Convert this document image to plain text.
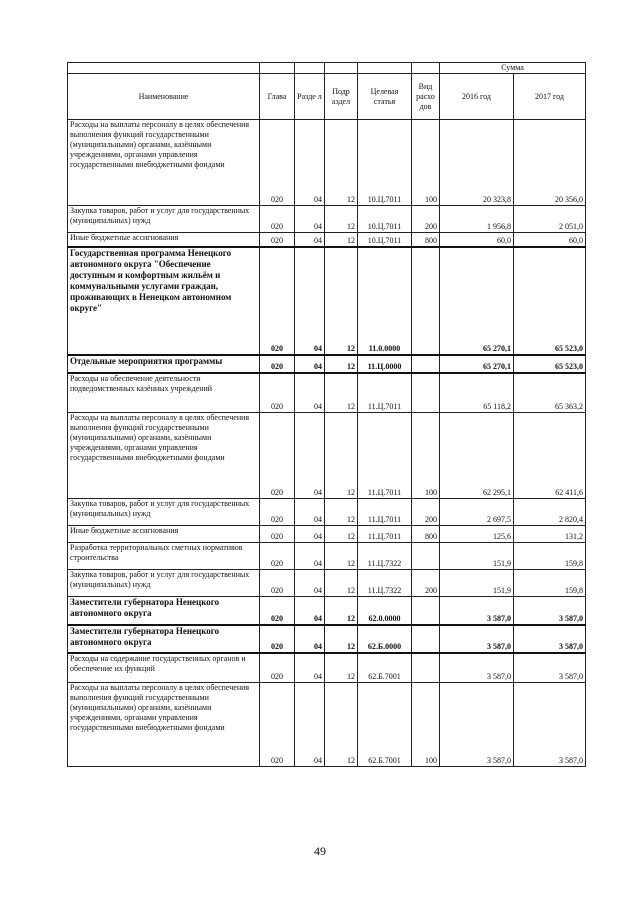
						Сумма	
Наименование	Глава	Разде л	Подр аздел	Целевая статья	Вид расхо дов	2016 год	2017 год
Расходы на выплаты персоналу в целях обеспечения выполнения функций государственными (муниципальными) органами, казёнными учреждениями, органами управления государственными внебюджетными фондами	020	04	12	10.Ц.7011	100	20 323,8	20 356,0
Закупка товаров, работ и услуг для государственных (муниципальных) нужд	020	04	12	10.Ц.7011	200	1 956,8	2 051,0
Иные бюджетные ассигнования	020	04	12	10.Ц.7011	800	60,0	60,0
Государственная программа Ненецкого автономного округа "Обеспечение доступным и комфортным жильём и коммунальными услугами граждан, проживающих в Ненецком автономном округе"	020	04	12	11.0.0000		65 270,1	65 523,0
Отдельные мероприятия программы	020	04	12	11.Ц.0000		65 270,1	65 523,0
Расходы на обеспечение деятельности подведомственных казённых учреждений	020	04	12	11.Ц.7011		65 118,2	65 363,2
Расходы на выплаты персоналу в целях обеспечения выполнения функций государственными (муниципальными) органами, казёнными учреждениями, органами управления государственными внебюджетными фондами	020	04	12	11.Ц.7011	100	62 295,1	62 411,6
Закупка товаров, работ и услуг для государственных (муниципальных) нужд	020	04	12	11.Ц.7011	200	2 697,5	2 820,4
Иные бюджетные ассигнования	020	04	12	11.Ц.7011	800	125,6	131,2
Разработка территориальных сметных нормативов строительства	020	04	12	11.Ц.7322		151,9	159,8
Закупка товаров, работ и услуг для государственных (муниципальных) нужд	020	04	12	11.Ц.7322	200	151,9	159,8
Заместители губернатора Ненецкого автономного округа	020	04	12	62.0.0000		3 587,0	3 587,0
Заместители губернатора Ненецкого автономного округа	020	04	12	62.Б.0000		3 587,0	3 587,0
Расходы на содержание государственных органов и обеспечение их функций	020	04	12	62.Б.7001		3 587,0	3 587,0
Расходы на выплаты персоналу в целях обеспечения выполнения функций государственными (муниципальными) органами, казёнными учреждениями, органами управления государственными внебюджетными фондами	020	04	12	62.Б.7001	100	3 587,0	3 587,0
49
